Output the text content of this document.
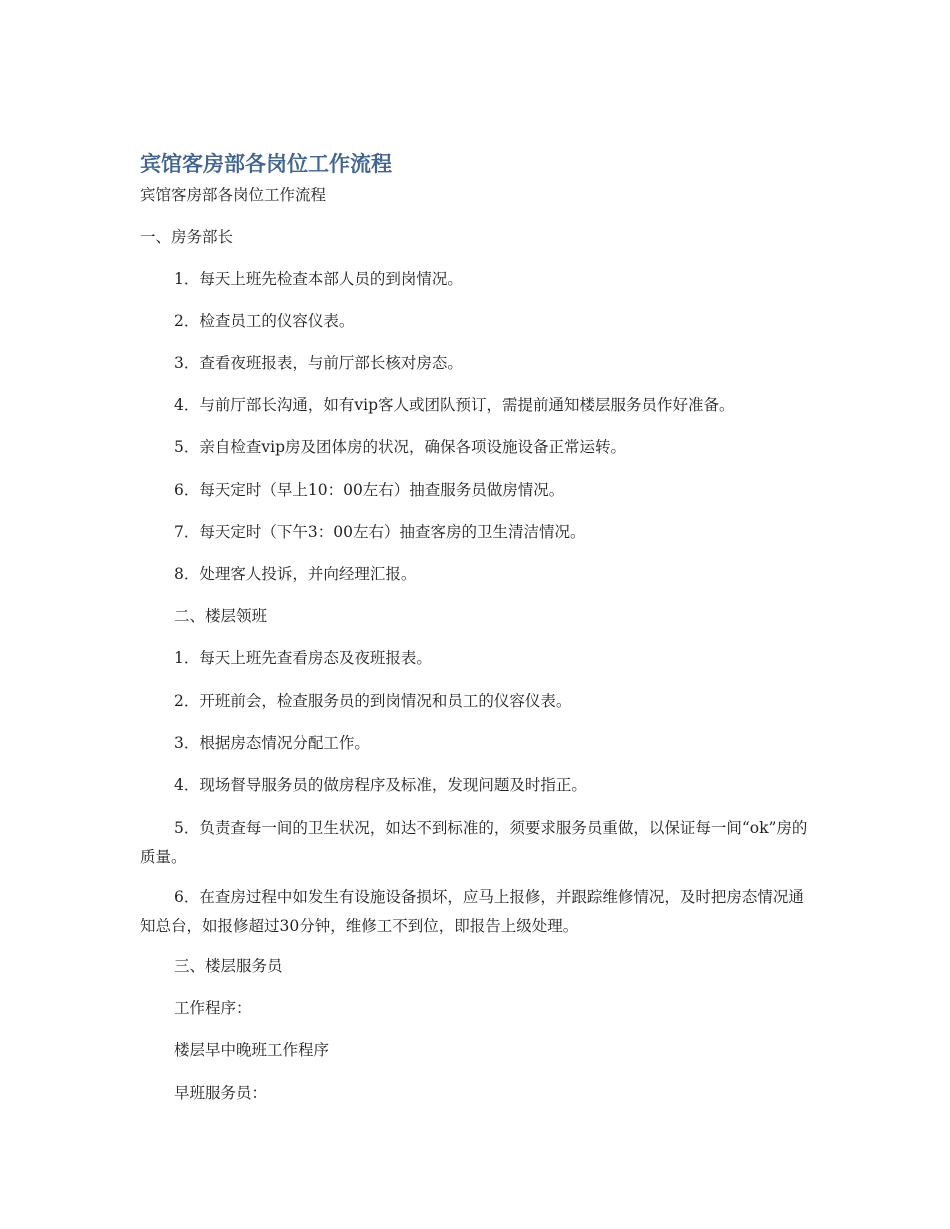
宾馆客房部各岗位工作流程

宾馆客房部各岗位工作流程

一、房务部长

1．每天上班先检查本部人员的到岗情况。

2．检查员工的仪容仪表。

3．查看夜班报表，与前厅部长核对房态。

4．与前厅部长沟通，如有vip客人或团队预订，需提前通知楼层服务员作好准备。

5．亲自检查vip房及团体房的状况，确保各项设施设备正常运转。

6．每天定时（早上10：00左右）抽查服务员做房情况。

7．每天定时（下午3：00左右）抽查客房的卫生清洁情况。

8．处理客人投诉，并向经理汇报。

二、楼层领班

1．每天上班先查看房态及夜班报表。

2．开班前会，检查服务员的到岗情况和员工的仪容仪表。

3．根据房态情况分配工作。

4．现场督导服务员的做房程序及标准，发现问题及时指正。

5．负责查每一间的卫生状况，如达不到标准的，须要求服务员重做，以保证每一间“ok”房的质量。

6．在查房过程中如发生有设施设备损坏，应马上报修，并跟踪维修情况，及时把房态情况通知总台，如报修超过30分钟，维修工不到位，即报告上级处理。

三、楼层服务员

工作程序：

楼层早中晚班工作程序

早班服务员：
